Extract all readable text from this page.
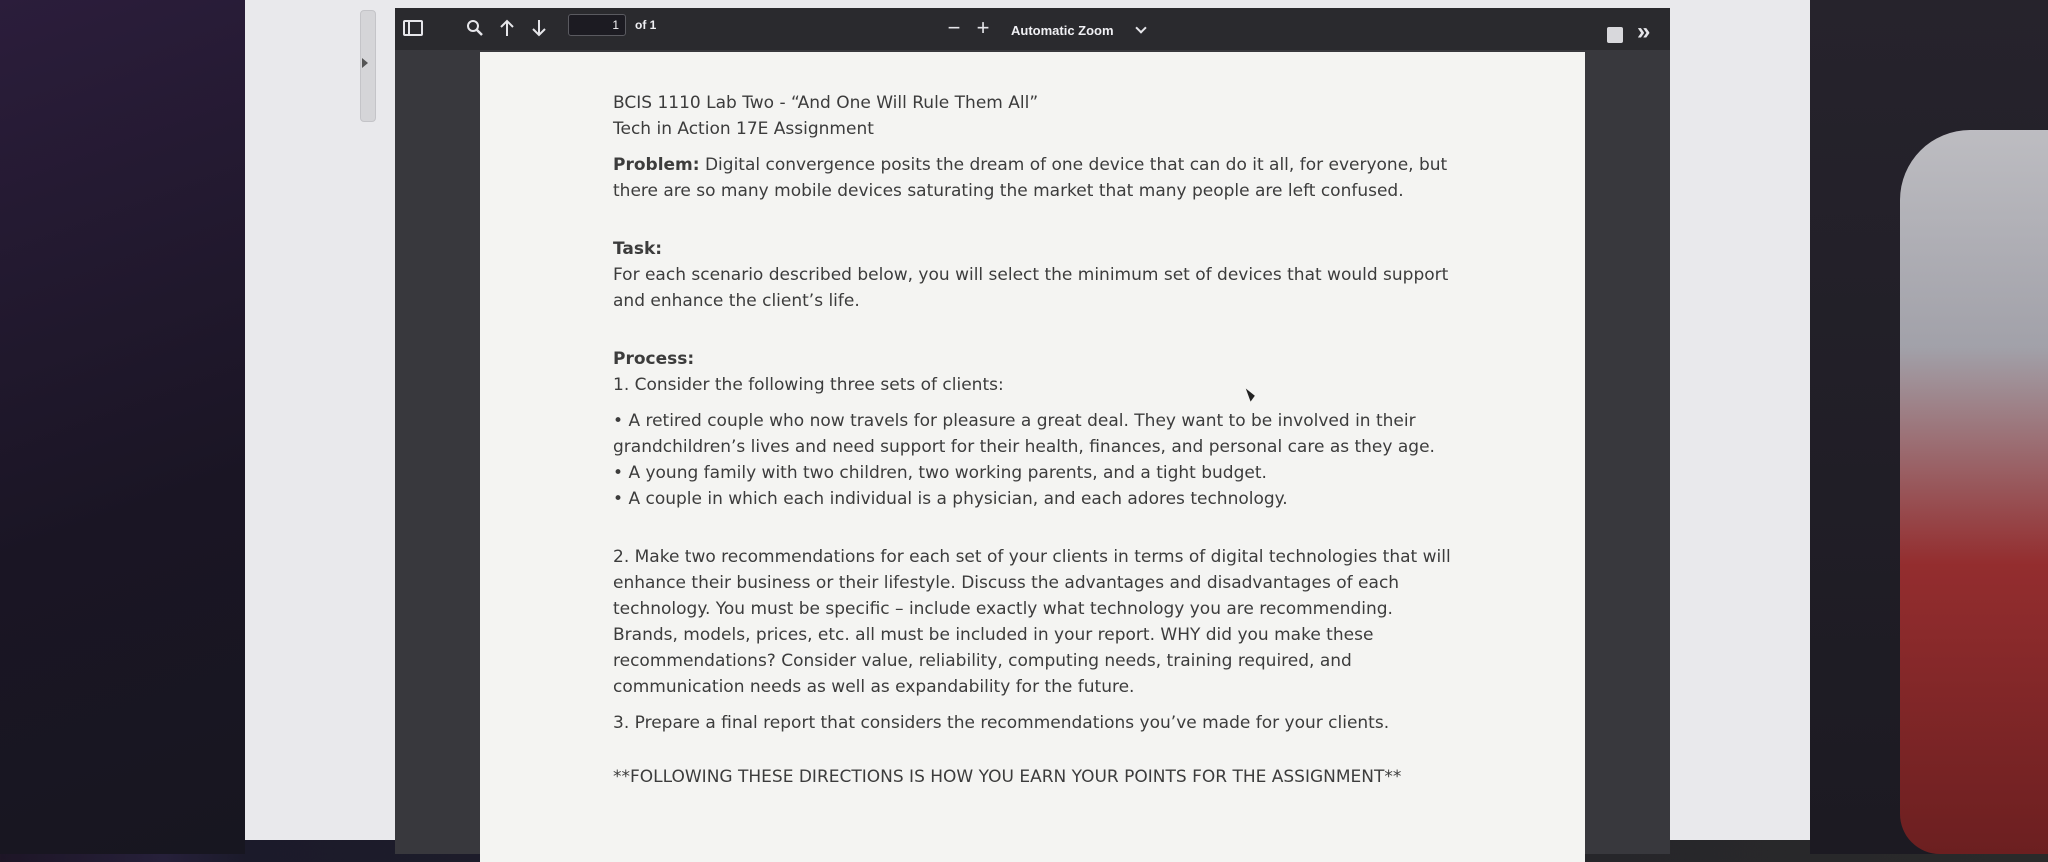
1	of 1	− +	Automatic Zoom	»

BCIS 1110 Lab Two - “And One Will Rule Them All”

Tech in Action 17E Assignment

Problem: Digital convergence posits the dream of one device that can do it all, for everyone, but there are so many mobile devices saturating the market that many people are left confused.

Task:

For each scenario described below, you will select the minimum set of devices that would support and enhance the client’s life.

Process:

1. Consider the following three sets of clients:

• A retired couple who now travels for pleasure a great deal. They want to be involved in their grandchildren’s lives and need support for their health, finances, and personal care as they age.

• A young family with two children, two working parents, and a tight budget.

• A couple in which each individual is a physician, and each adores technology.

2. Make two recommendations for each set of your clients in terms of digital technologies that will enhance their business or their lifestyle. Discuss the advantages and disadvantages of each technology. You must be specific – include exactly what technology you are recommending. Brands, models, prices, etc. all must be included in your report. WHY did you make these recommendations? Consider value, reliability, computing needs, training required, and communication needs as well as expandability for the future.

3. Prepare a final report that considers the recommendations you’ve made for your clients.

**FOLLOWING THESE DIRECTIONS IS HOW YOU EARN YOUR POINTS FOR THE ASSIGNMENT**
